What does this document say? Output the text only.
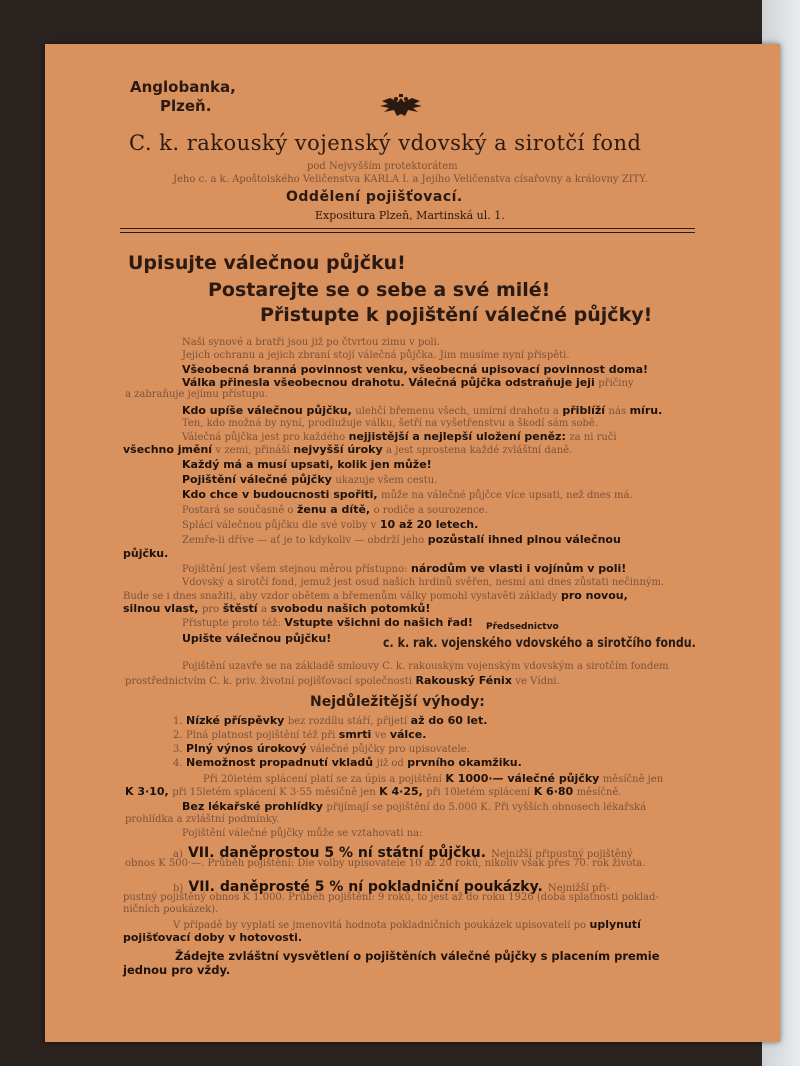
Anglobanka,
Plzeň.
C. k. rakouský vojenský vdovský a sirotčí fond
pod Nejvyšším protektorátem
Jeho c. a k. Apoštolského Veličenstva KARLA I. a Jejího Veličenstva císařovny a královny ZITY.
Oddělení pojišťovací.
Expositura Plzeň, Martinská ul. 1.
Upisujte válečnou půjčku!
Postarejte se o sebe a své milé!
Přistupte k pojištění válečné půjčky!
Naši synové a bratři jsou již po čtvrtou zimu v poli.
Jejich ochranu a jejich zbraní stojí válečná půjčka. Jim musíme nyní přispěti.
Všeobecná branná povinnost venku, všeobecná upisovací povinnost doma!
Válka přinesla všeobecnou drahotu. Válečná půjčka odstraňuje jeji příčiny
a zabraňuje jejímu přístupu.
Kdo upíše válečnou půjčku, ulehčí břemenu všech, umírní drahotu a přiblíží nás míru.
Ten, kdo možná by nyní, prodlužuje válku, šetří na vyšetřenstvu a škodí sám sobě.
Válečná půjčka jest pro každého nejjistější a nejlepší uložení peněz: za ni ruči
všechno jmění v zemi, přináší nejvyšší úroky a jest sprostena každé zvláštní daně.
Každý má a musí upsati, kolik jen může!
Pojištění válečné půjčky ukazuje všem cestu.
Kdo chce v budoucnosti spořiti, může na válečné půjčce více upsati, než dnes má.
Postará se současně o ženu a dítě, o rodiče a sourozence.
Splácí válečnou půjčku dle své volby v 10 až 20 letech.
Zemře-li dříve — ať je to kdykoliv — obdrží jeho pozůstalí ihned plnou válečnou
půjčku.
Pojištění jest všem stejnou měrou přístupno: národům ve vlasti i vojínům v poli!
Vdovský a sirotčí fond, jemuž jest osud našich hrdinů svěřen, nesmí ani dnes zůstati nečinným.
Bude se i dnes snažiti, aby vzdor obětem a břemenům války pomohl vystavěti základy pro novou,
silnou vlast, pro štěstí a svobodu našich potomků!
Přistupte proto též: Vstupte všichni do našich řad!
Upište válečnou půjčku!
Předsednictvo
c. k. rak. vojenského vdovského a sirotčího fondu.
Pojištění uzavře se na základě smlouvy C. k. rakouským vojenským vdovským a sirotčím fondem
prostřednictvím C. k. priv. životní pojišťovací společnosti Rakouský Fénix ve Vídni.
Nejdůležitější výhody:
1. Nízké příspěvky bez rozdílu stáří, přijetí až do 60 let.
2. Plná platnost pojištění též při smrti ve válce.
3. Plný výnos úrokový válečné půjčky pro upisovatele.
4. Nemožnost propadnutí vkladů již od prvního okamžiku.
Při 20letém splácení platí se za úpis a pojištění K 1000·— válečné půjčky měsíčně jen
K 3·10, při 15letém splácení K 3·55 měsíčně jen K 4·25, při 10letém splácení K 6·80 měsíčně.
Bez lékařské prohlídky přijímají se pojištění do 5.000 K. Při vyšších obnosech lékařská
prohlídka a zvláštní podmínky.
Pojištění válečné půjčky může se vztahovati na:
a) VII. daněprostou 5 % ní státní půjčku. Nejnižší připustný pojištěný
obnos K 500·—. Průběh pojištění: Dle volby upisovatele 10 až 20 roků, nikoliv však přes 70. rok života.
b) VII. daněprosté 5 % ní pokladniční poukázky. Nejnižší při-
pustný pojištěný obnos K 1.000. Průběh pojištění: 9 roků, to jest až do roku 1926 (doba splatnosti poklad-
ničních poukázek).
V případě by vyplatí se jmenovitá hodnota pokladničních poukázek upisovatelí po uplynutí
pojišťovací doby v hotovosti.
Žádejte zvláštní vysvětlení o pojištěních válečné půjčky s placením premie
jednou pro vždy.
